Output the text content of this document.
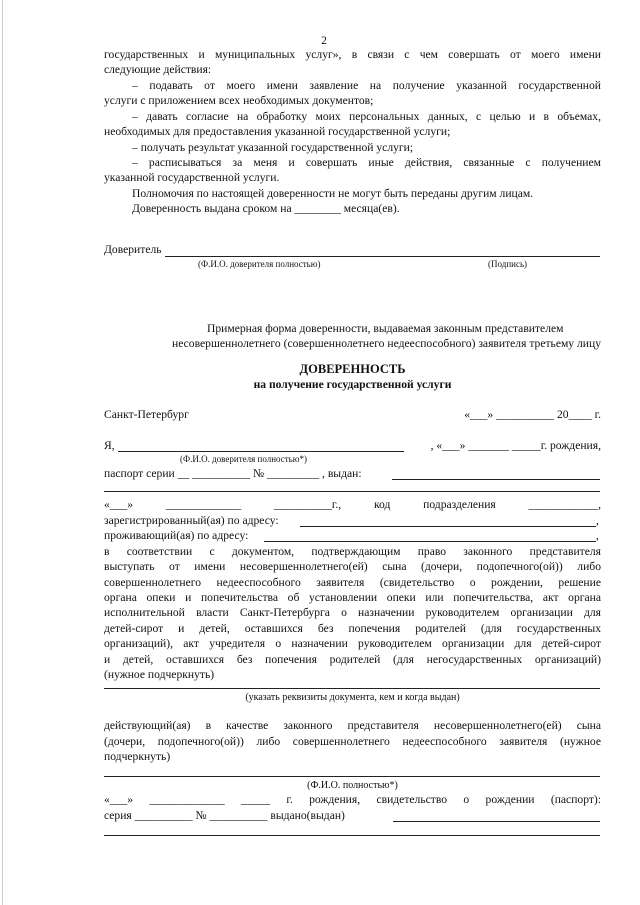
2
государственных и муниципальных услуг», в связи с чем совершать от моего имени
следующие действия:
– подавать от моего имени заявление на получение указанной государственной
услуги с приложением всех необходимых документов;
– давать согласие на обработку моих персональных данных, с целью и в объемах,
необходимых для предоставления указанной государственной услуги;
– получать результат указанной государственной услуги;
– расписываться за меня и совершать иные действия, связанные с получением
указанной государственной услуги.
Полномочия по настоящей доверенности не могут быть переданы другим лицам.
Доверенность выдана сроком на ________ месяца(ев).
Доверитель
(Ф.И.О. доверителя полностью)	(Подпись)
Примерная форма доверенности, выдаваемая законным представителем
несовершеннолетнего (совершеннолетнего недееспособного) заявителя третьему лицу
ДОВЕРЕННОСТЬ
на получение государственной услуги
Санкт-Петербург	«___» __________ 20____ г.
Я,	, «___» _______ _____г. рождения,
(Ф.И.О. доверителя полностью*)
паспорт серии __ __________ № _________ , выдан:
«___» _____________ __________г., код подразделения ____________,
зарегистрированный(ая) по адресу:	,
проживающий(ая) по адресу:	,
в соответствии с документом, подтверждающим право законного представителя
выступать от имени несовершеннолетнего(ей) сына (дочери, подопечного(ой)) либо
совершеннолетнего недееспособного заявителя (свидетельство о рождении, решение
органа опеки и попечительства об установлении опеки или попечительства, акт органа
исполнительной власти Санкт-Петербурга о назначении руководителем организации для
детей-сирот и детей, оставшихся без попечения родителей (для государственных
организаций), акт учредителя о назначении руководителем организации для детей-сирот
и детей, оставшихся без попечения родителей (для негосударственных организаций)
(нужное подчеркнуть)
(указать реквизиты документа, кем и когда выдан)
действующий(ая) в качестве законного представителя несовершеннолетнего(ей) сына
(дочери, подопечного(ой)) либо совершеннолетнего недееспособного заявителя (нужное
подчеркнуть)
(Ф.И.О. полностью*)
«___» _____________ _____ г. рождения, свидетельство о рождении (паспорт):
серия __________ № __________ выдано(выдан)
